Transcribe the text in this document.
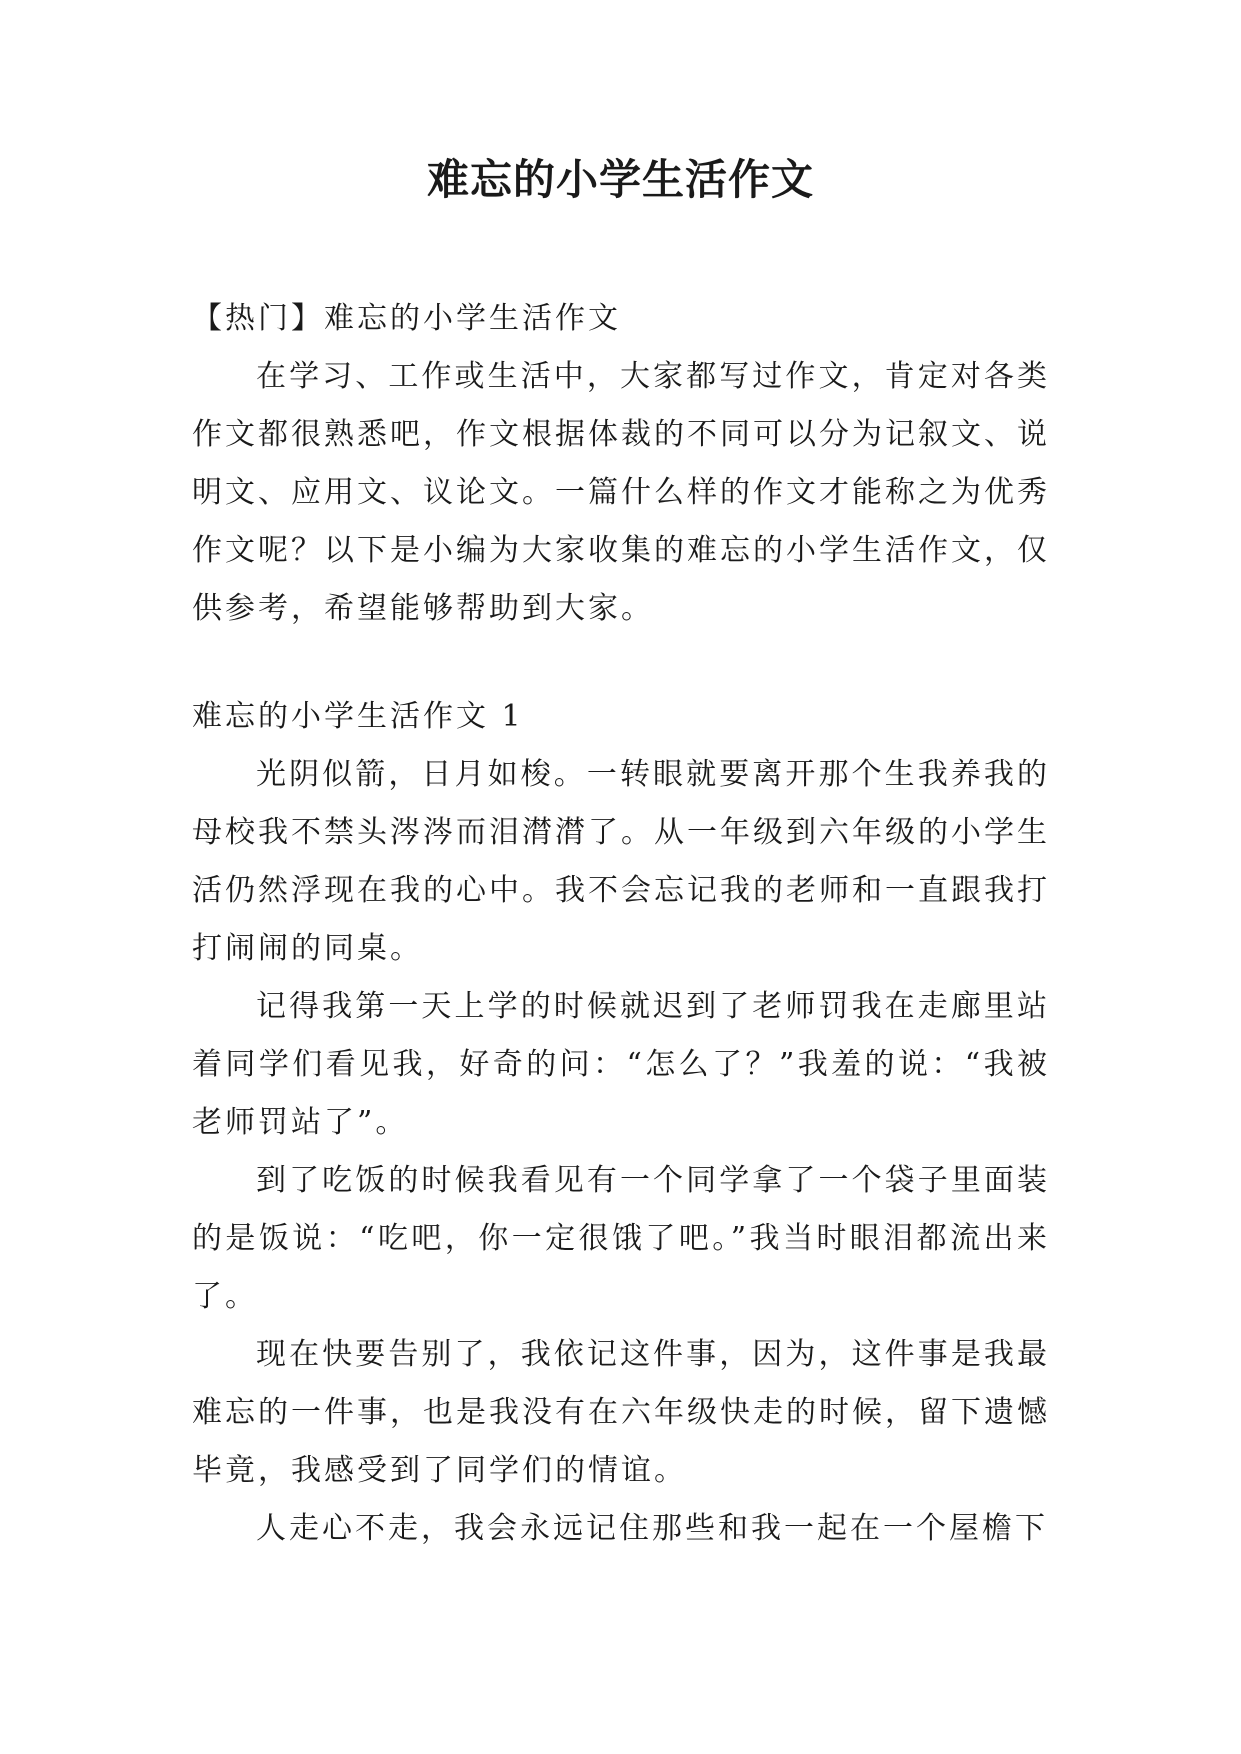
难忘的小学生活作文

【热门】难忘的小学生活作文

在学习、工作或生活中，大家都写过作文，肯定对各类作文都很熟悉吧，作文根据体裁的不同可以分为记叙文、说明文、应用文、议论文。一篇什么样的作文才能称之为优秀作文呢？以下是小编为大家收集的难忘的小学生活作文，仅供参考，希望能够帮助到大家。

难忘的小学生活作文 1

光阴似箭，日月如梭。一转眼就要离开那个生我养我的母校我不禁头涔涔而泪潸潸了。从一年级到六年级的小学生活仍然浮现在我的心中。我不会忘记我的老师和一直跟我打打闹闹的同桌。

记得我第一天上学的时候就迟到了老师罚我在走廊里站着同学们看见我，好奇的问：“怎么了？”我羞的说：“我被老师罚站了”。

到了吃饭的时候我看见有一个同学拿了一个袋子里面装的是饭说：“吃吧，你一定很饿了吧。”我当时眼泪都流出来了。

现在快要告别了，我依记这件事，因为，这件事是我最难忘的一件事，也是我没有在六年级快走的时候，留下遗憾毕竟，我感受到了同学们的情谊。

人走心不走，我会永远记住那些和我一起在一个屋檐下
